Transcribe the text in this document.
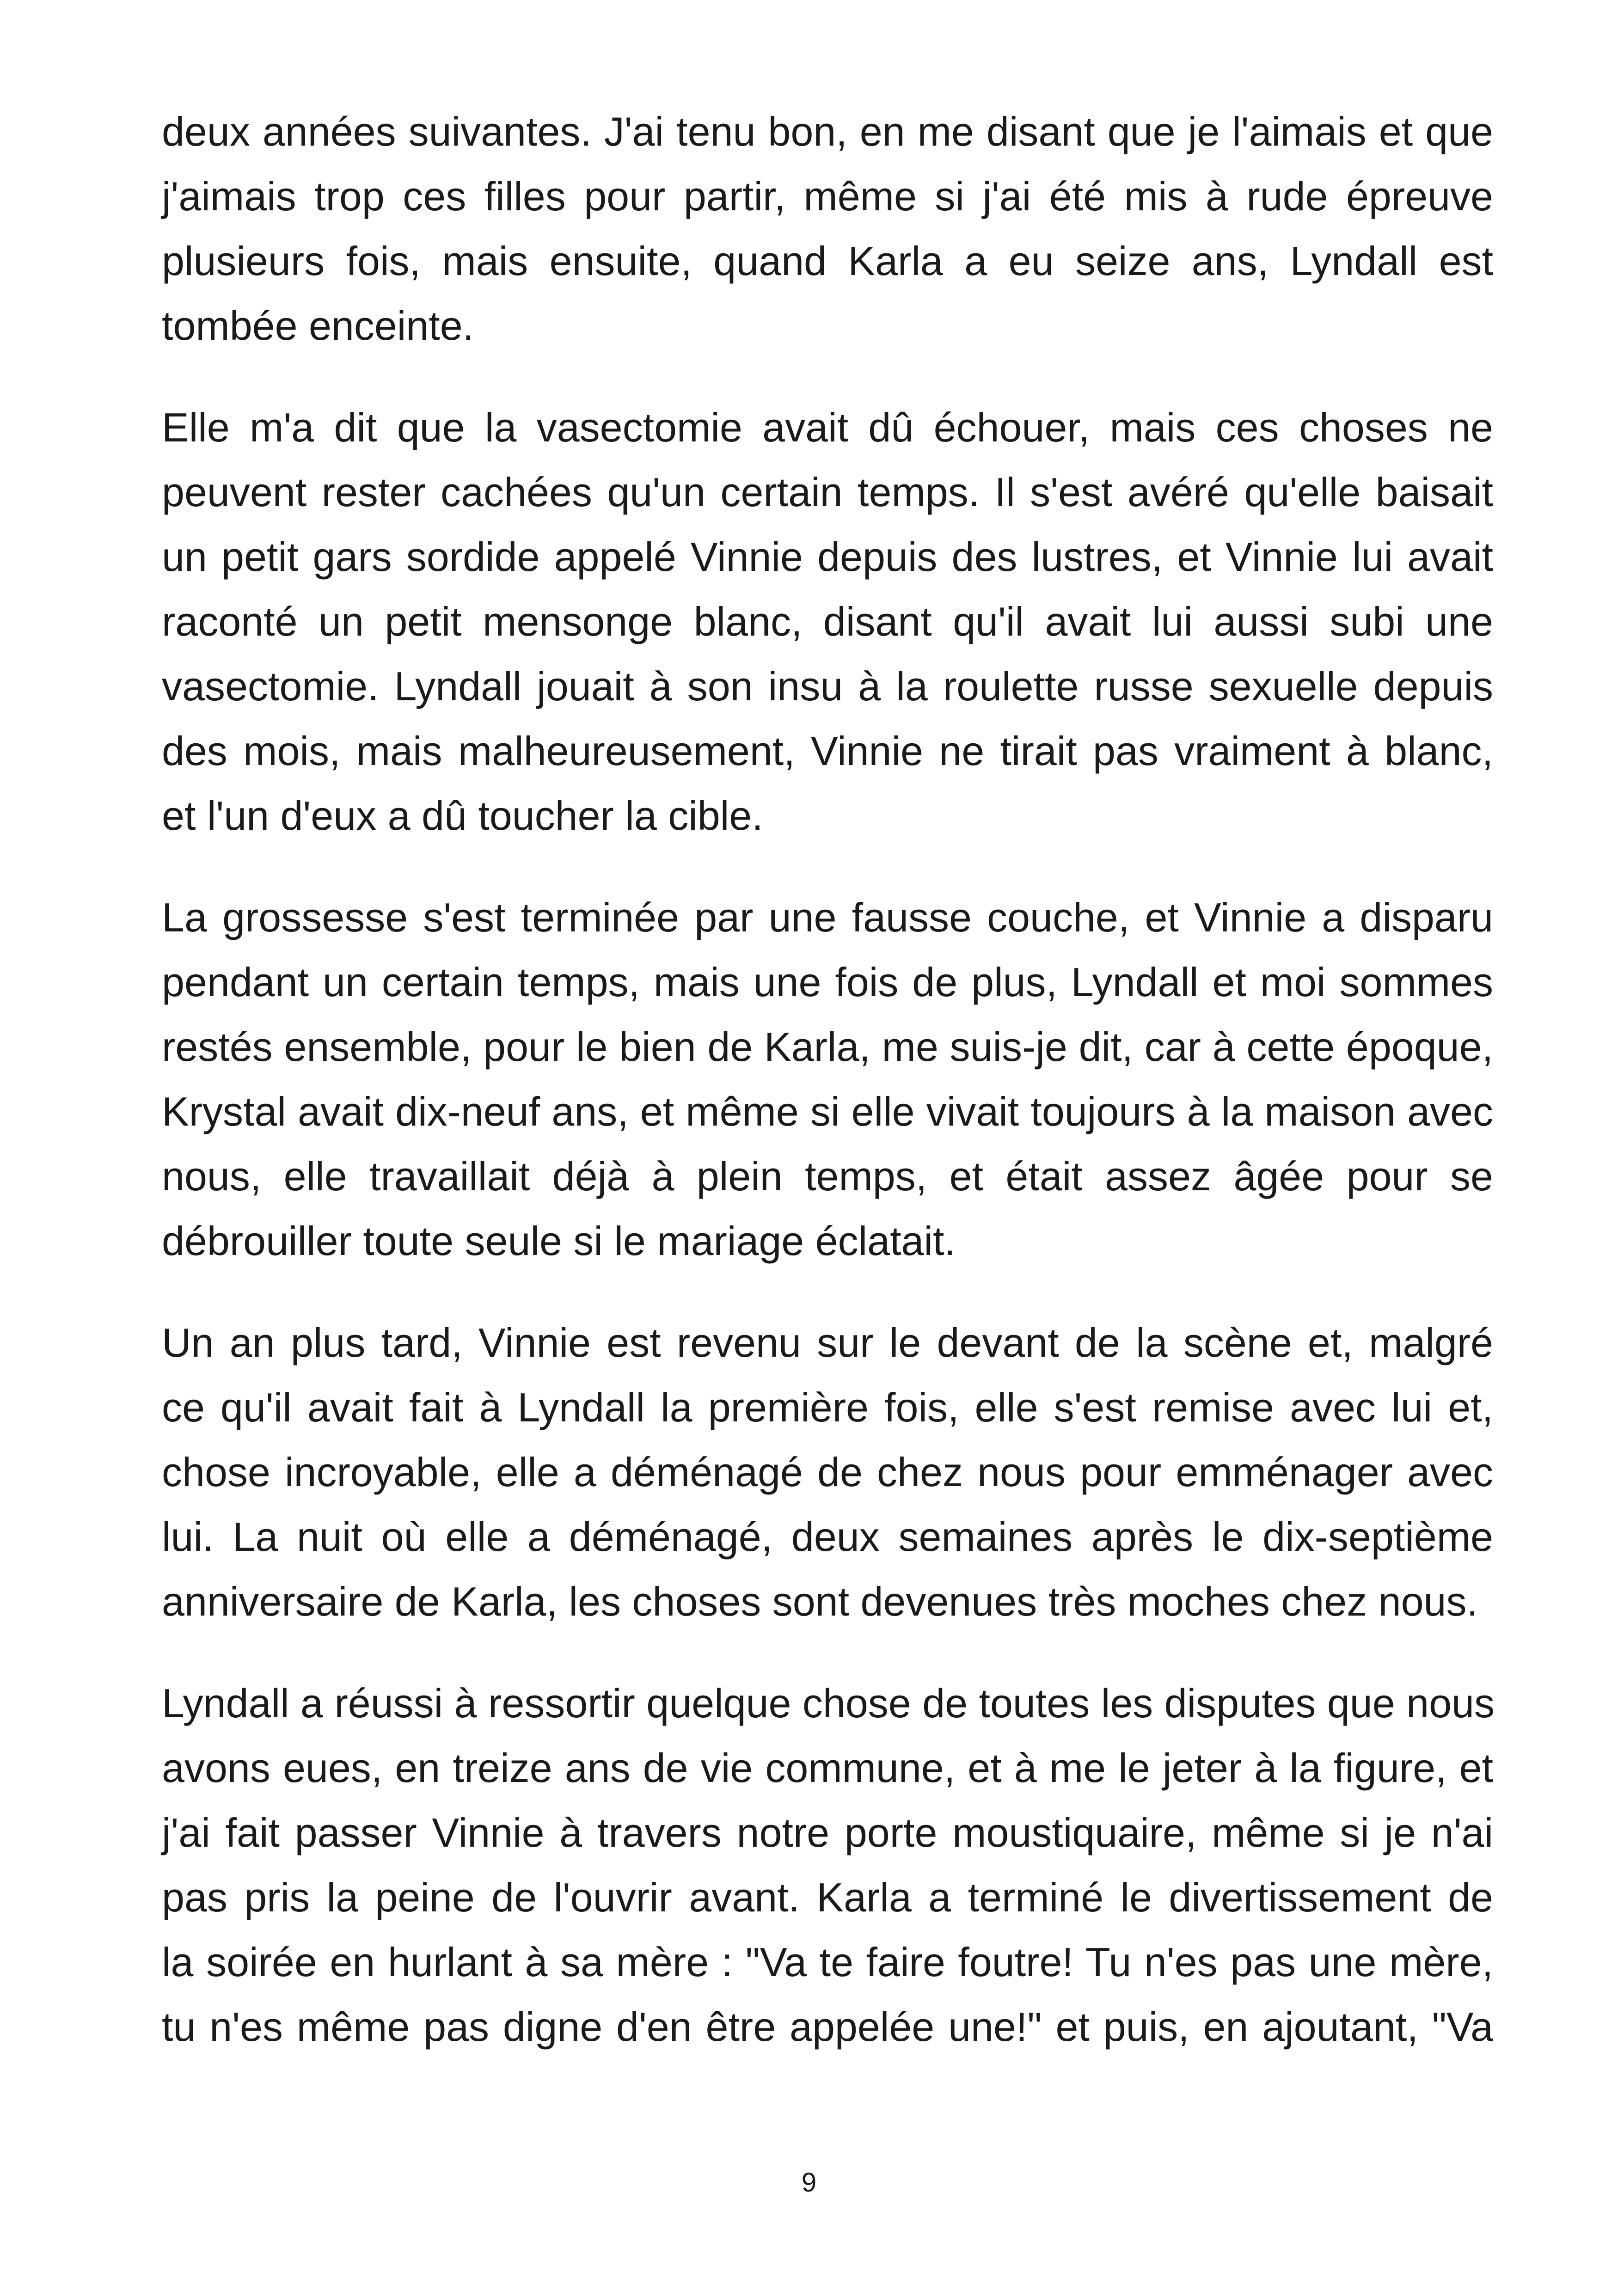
deux années suivantes. J'ai tenu bon, en me disant que je l'aimais et que
j'aimais trop ces filles pour partir, même si j'ai été mis à rude épreuve
plusieurs fois, mais ensuite, quand Karla a eu seize ans, Lyndall est
tombée enceinte.

Elle m'a dit que la vasectomie avait dû échouer, mais ces choses ne
peuvent rester cachées qu'un certain temps. Il s'est avéré qu'elle baisait
un petit gars sordide appelé Vinnie depuis des lustres, et Vinnie lui avait
raconté un petit mensonge blanc, disant qu'il avait lui aussi subi une
vasectomie. Lyndall jouait à son insu à la roulette russe sexuelle depuis
des mois, mais malheureusement, Vinnie ne tirait pas vraiment à blanc,
et l'un d'eux a dû toucher la cible.

La grossesse s'est terminée par une fausse couche, et Vinnie a disparu
pendant un certain temps, mais une fois de plus, Lyndall et moi sommes
restés ensemble, pour le bien de Karla, me suis-je dit, car à cette époque,
Krystal avait dix-neuf ans, et même si elle vivait toujours à la maison avec
nous, elle travaillait déjà à plein temps, et était assez âgée pour se
débrouiller toute seule si le mariage éclatait.

Un an plus tard, Vinnie est revenu sur le devant de la scène et, malgré
ce qu'il avait fait à Lyndall la première fois, elle s'est remise avec lui et,
chose incroyable, elle a déménagé de chez nous pour emménager avec
lui. La nuit où elle a déménagé, deux semaines après le dix-septième
anniversaire de Karla, les choses sont devenues très moches chez nous.

Lyndall a réussi à ressortir quelque chose de toutes les disputes que nous
avons eues, en treize ans de vie commune, et à me le jeter à la figure, et
j'ai fait passer Vinnie à travers notre porte moustiquaire, même si je n'ai
pas pris la peine de l'ouvrir avant. Karla a terminé le divertissement de
la soirée en hurlant à sa mère : "Va te faire foutre! Tu n'es pas une mère,
tu n'es même pas digne d'en être appelée une!" et puis, en ajoutant, "Va

9
